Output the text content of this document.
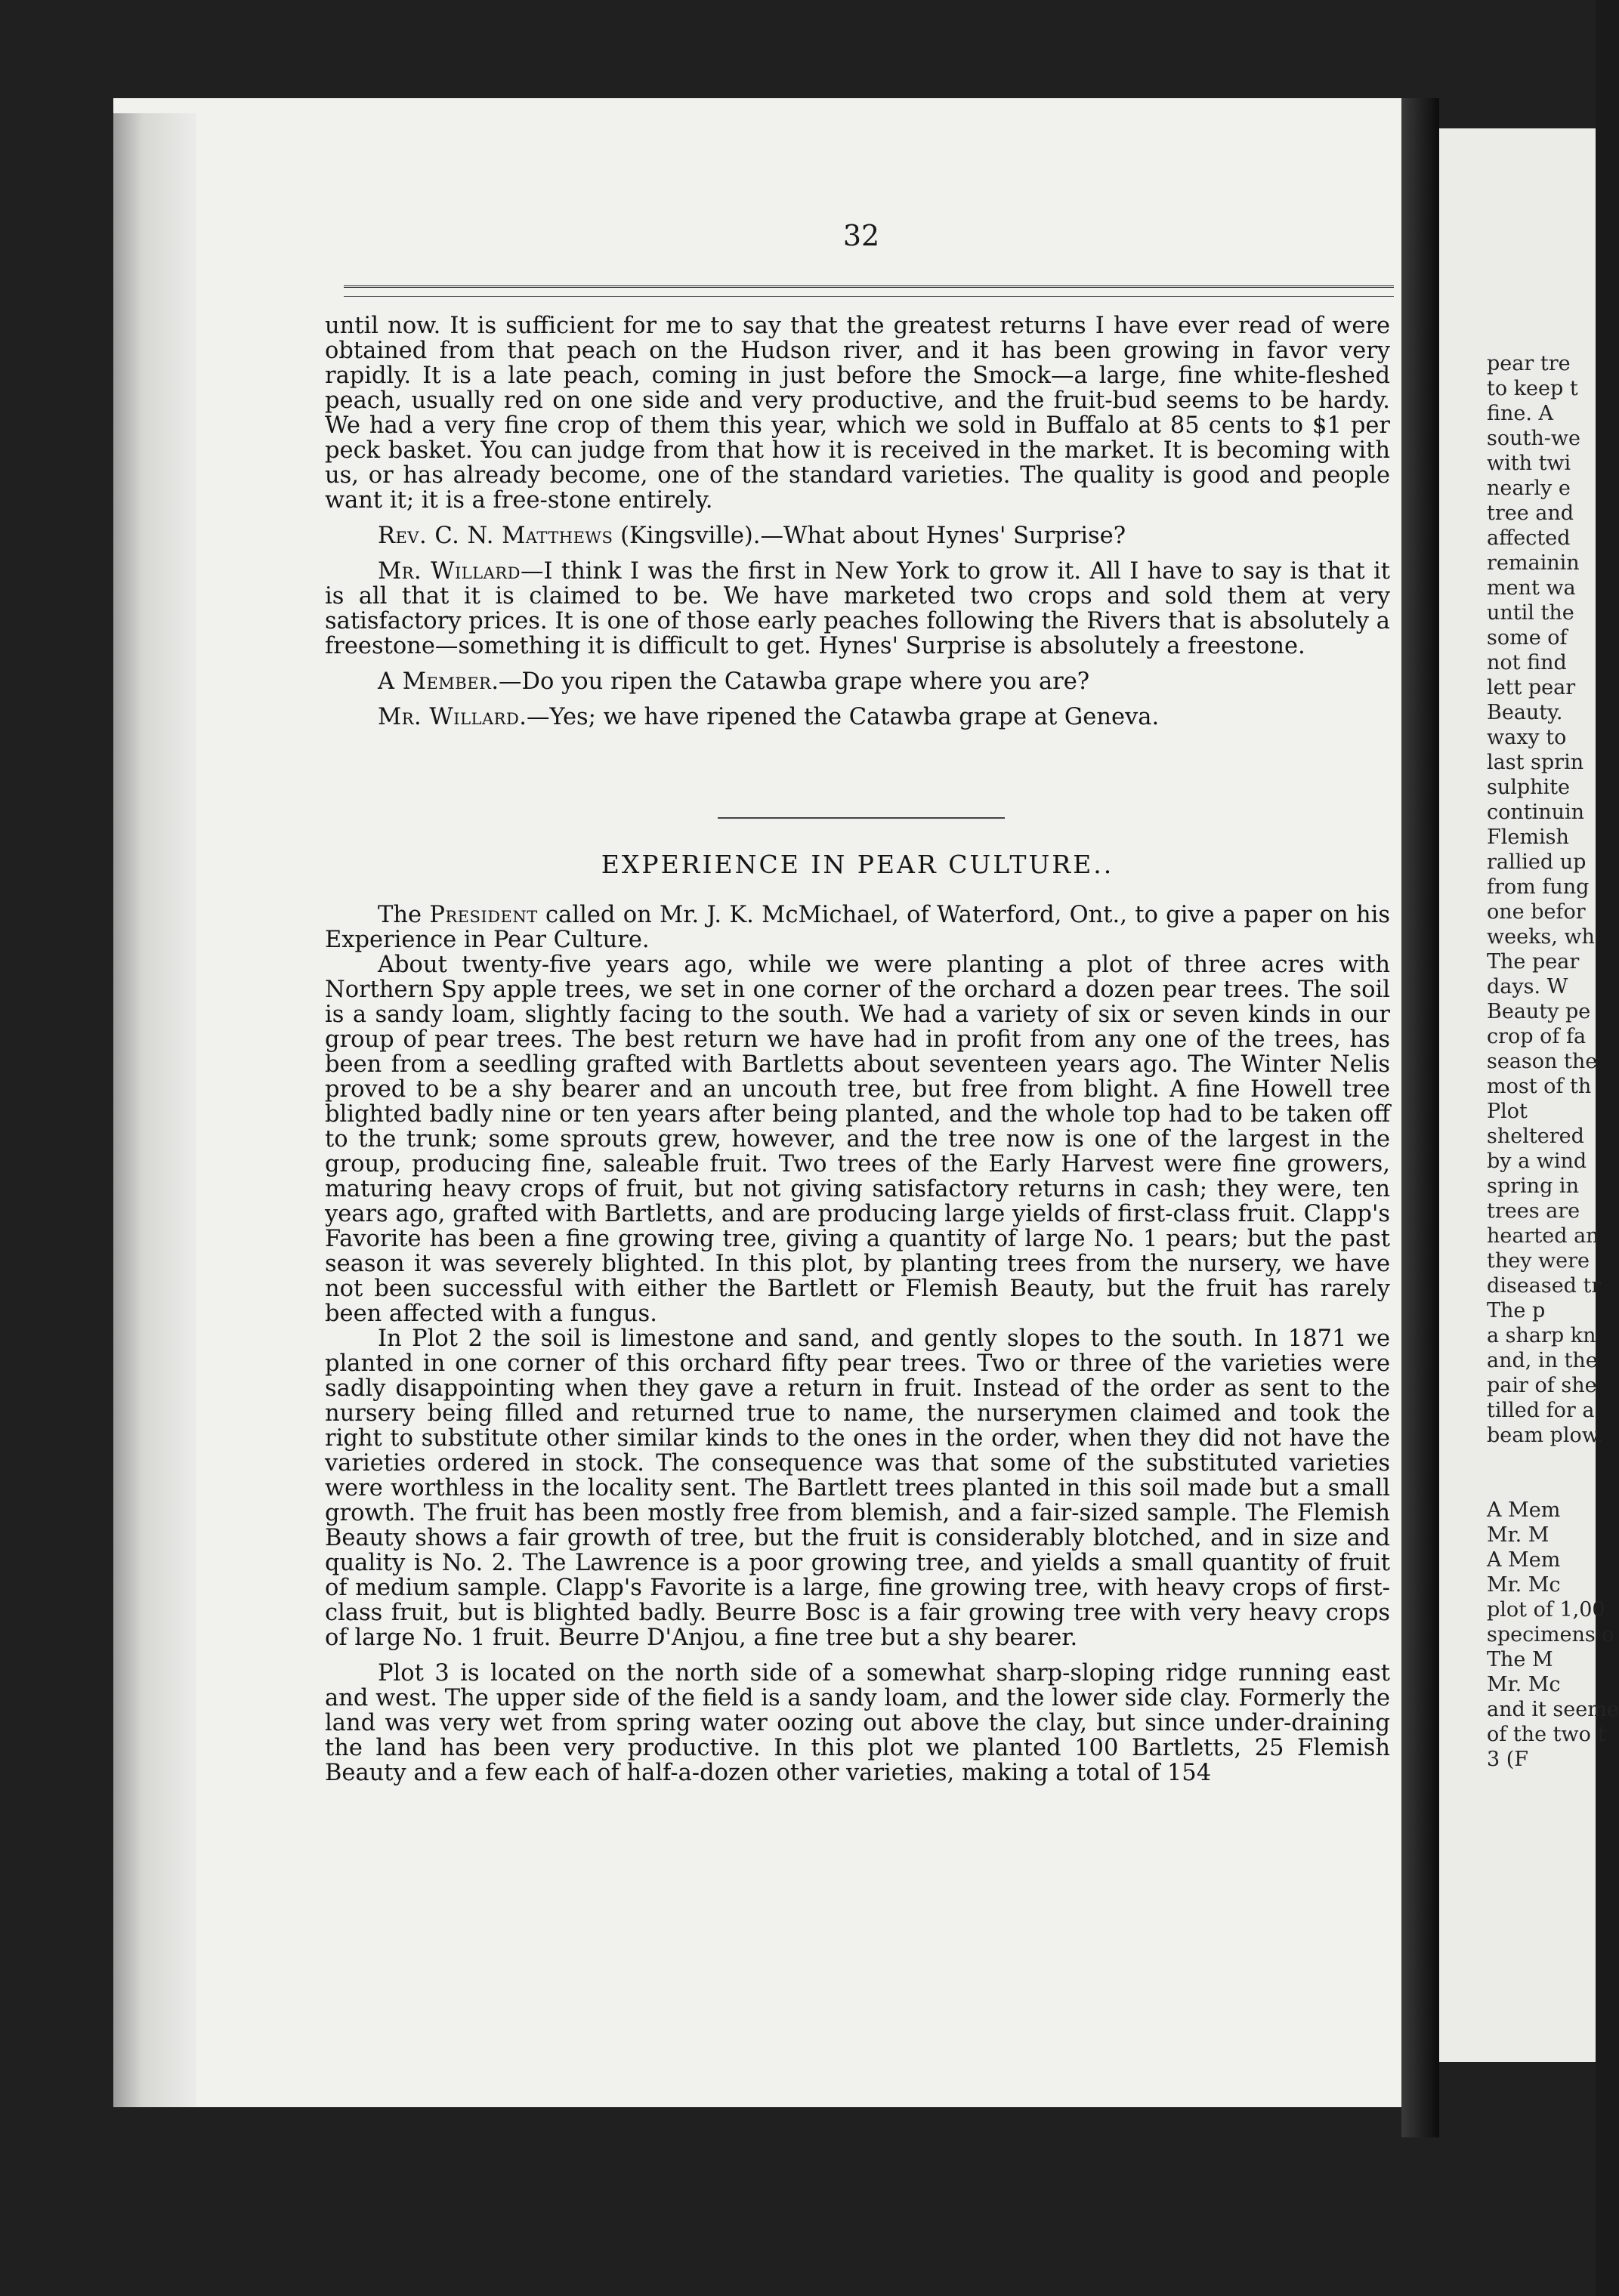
32

until now. It is sufficient for me to say that the greatest returns I have ever read of were obtained from that peach on the Hudson river, and it has been growing in favor very rapidly. It is a late peach, coming in just before the Smock—a large, fine white-fleshed peach, usually red on one side and very productive, and the fruit-bud seems to be hardy. We had a very fine crop of them this year, which we sold in Buffalo at 85 cents to $1 per peck basket. You can judge from that how it is received in the market. It is becoming with us, or has already become, one of the standard varieties. The quality is good and people want it; it is a free-stone entirely.

Rev. C. N. Matthews (Kingsville).—What about Hynes' Surprise?

Mr. Willard—I think I was the first in New York to grow it. All I have to say is that it is all that it is claimed to be. We have marketed two crops and sold them at very satisfactory prices. It is one of those early peaches following the Rivers that is absolutely a freestone—something it is difficult to get. Hynes' Surprise is absolutely a freestone.

A Member.—Do you ripen the Catawba grape where you are?

Mr. Willard.—Yes; we have ripened the Catawba grape at Geneva.

EXPERIENCE IN PEAR CULTURE..

The President called on Mr. J. K. McMichael, of Waterford, Ont., to give a paper on his Experience in Pear Culture.

About twenty-five years ago, while we were planting a plot of three acres with Northern Spy apple trees, we set in one corner of the orchard a dozen pear trees. The soil is a sandy loam, slightly facing to the south. We had a variety of six or seven kinds in our group of pear trees. The best return we have had in profit from any one of the trees, has been from a seedling grafted with Bartletts about seventeen years ago. The Winter Nelis proved to be a shy bearer and an uncouth tree, but free from blight. A fine Howell tree blighted badly nine or ten years after being planted, and the whole top had to be taken off to the trunk; some sprouts grew, however, and the tree now is one of the largest in the group, producing fine, saleable fruit. Two trees of the Early Harvest were fine growers, maturing heavy crops of fruit, but not giving satisfactory returns in cash; they were, ten years ago, grafted with Bartletts, and are producing large yields of first-class fruit. Clapp's Favorite has been a fine growing tree, giving a quantity of large No. 1 pears; but the past season it was severely blighted. In this plot, by planting trees from the nursery, we have not been successful with either the Bartlett or Flemish Beauty, but the fruit has rarely been affected with a fungus.

In Plot 2 the soil is limestone and sand, and gently slopes to the south. In 1871 we planted in one corner of this orchard fifty pear trees. Two or three of the varieties were sadly disappointing when they gave a return in fruit. Instead of the order as sent to the nursery being filled and returned true to name, the nurserymen claimed and took the right to substitute other similar kinds to the ones in the order, when they did not have the varieties ordered in stock. The consequence was that some of the substituted varieties were worthless in the locality sent. The Bartlett trees planted in this soil made but a small growth. The fruit has been mostly free from blemish, and a fair-sized sample. The Flemish Beauty shows a fair growth of tree, but the fruit is considerably blotched, and in size and quality is No. 2. The Lawrence is a poor growing tree, and yields a small quantity of fruit of medium sample. Clapp's Favorite is a large, fine growing tree, with heavy crops of first-class fruit, but is blighted badly. Beurre Bosc is a fair growing tree with very heavy crops of large No. 1 fruit. Beurre D'Anjou, a fine tree but a shy bearer.

Plot 3 is located on the north side of a somewhat sharp-sloping ridge running east and west. The upper side of the field is a sandy loam, and the lower side clay. Formerly the land was very wet from spring water oozing out above the clay, but since under-draining the land has been very productive. In this plot we planted 100 Bartletts, 25 Flemish Beauty and a few each of half-a-dozen other varieties, making a total of 154

pear tre
to keep t
fine. A
south-we
with twi
nearly e
tree and
affected
remainin
ment wa
until the
some of
not find
lett pear
Beauty.
waxy to
last sprin
sulphite
continuin
Flemish
rallied up
from fung
one befor
weeks, wh
The pear
days. W
Beauty pe
crop of fa
season the
most of th
Plot
sheltered
by a wind
spring in
trees are
hearted an
they were
diseased tr
The p
a sharp kn
and, in the
pair of she
tilled for a
beam plow.
A Mem
Mr. M
A Mem
Mr. Mc
plot of 1,00
specimens o
The M
Mr. Mc
and it seeme
of the two t
3 (F
